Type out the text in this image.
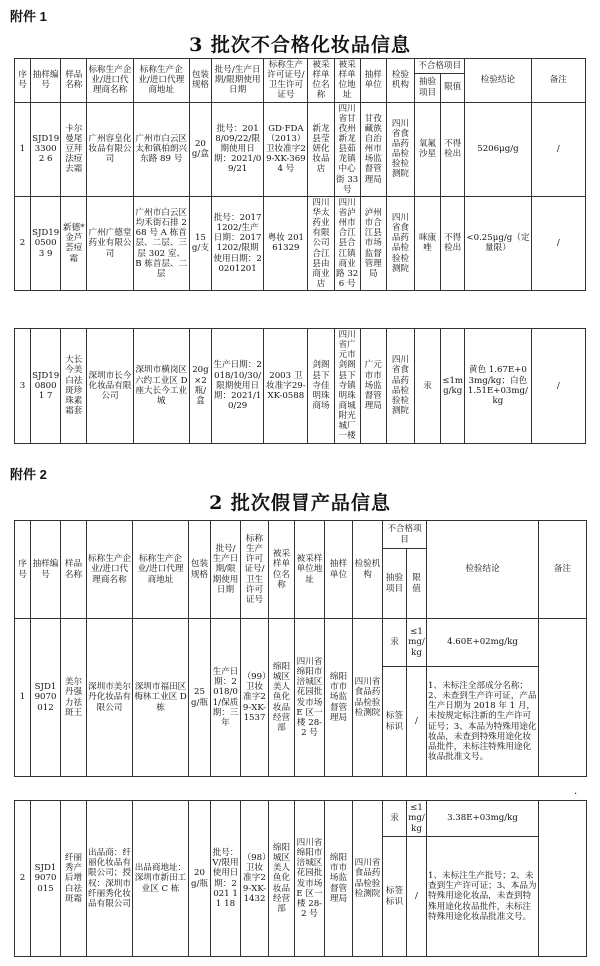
附件 1
3 批次不合格化妆品信息
序号	抽样编号	样品名称	标称生产企业/进口代理商名称	标称生产企业/进口代理商地址	包装规格	批号/生产日期/限期使用日期	标称生产许可证号/卫生许可证号	被采样单位名称	被采样单位地址	抽样单位	检验机构	不合格项目		检验结论	备注
												抽验项目	限值		
1	SJD1933002 6	卡尔曼尾豆拜法痘去霜	广州容皇化妆品有限公司	广州市白云区太和镇柏朗兴东路 89 号	20g/盒	批号：2018/09/22/限期使用日期：2021/09/21	GD·FDA（2013）卫妆准字29-XK-3694 号	新龙县莹妍化妆品店	四川省甘孜州新龙县茹龙镇中心街 33 号	甘孜藏族自治州市场监督管理局	四川省食品药品检验检测院	氧氟沙星	不得检出	5206μg/g	/
2	SJD1905003 9	新德*金芦荟痘霜	广州广德堂药业有限公司	广州市白云区均禾街石排 268 号 A 栋首层、二层、三层 302 室、B 栋首层、二层	15g/支	批号：20171202/生产日期：20171202/限期使用日期：20201201	粤妆 20161329	四川华太药业有限公司合江县由商业店	四川省泸州市合江县合江镇商业路 326 号	泸州市合江县市场监督管理局	四川省食品药品检验检测院	咪康唑	不得检出	<0.25μg/g（定量限）	/
3	SJD1908001 7	大长今美白祛斑珍珠素霜套	深圳市长今化妆品有限公司	深圳市横岗区六约工业区 D 座大长今工业城	20g×2 瓶/盒	生产日期：2018/10/30/限期使用日期：2021/10/29	2003 卫妆准字29-XK-0588	剑阁县下寺佳明珠商场	四川省广元市剑阁县下寺镇明珠商城附光城厂一楼	广元市市场监督管理局	四川省食品药品检验检测院	汞	≤1mg/kg	黄色 1.67E+03mg/kg；白色 1.51E+03mg/kg	/
附件 2
2 批次假冒产品信息
序号	抽样编号	样品名称	标称生产企业/进口代理商名称	标称生产企业/进口代理商地址	包装规格	批号/生产日期/限期使用日期	标称生产许可证号/卫生许可证号	被采样单位名称	被采样单位地址	抽样单位	检验机构	不合格项目		检验结论	备注
												抽验项目	限值		
1	SJD19070012	美尔丹强力祛斑王	深圳市美尔丹化妆品有限公司	深圳市福田区梅林工业区 D 栋	25g/瓶	生产日期：2018/01/保质期：三年	（99）卫妆准字29-XK-1537	绵阳城区美人鱼化妆品经营部	四川省绵阳市涪城区花园批发市场 E 区一楼 28-2 号	绵阳市市场监督管理局	四川省食品药品检验检测院	汞	≤1mg/kg	4.60E+02mg/kg	
												标签标识	/	1、未标注全部成分名称；2、未查到生产许可证，产品生产日期为 2018 年 1 月，未按规定标注新的生产许可证号；3、本品为特殊用途化妆品，未查到特殊用途化妆品批件，未标注特殊用途化妆品批准文号。	
.
2	SJD19070015	纤丽秀产后增白祛斑霜	出品商：纤丽化妆品有限公司；授权：深圳市纤丽秀化妆品有限公司	出品商地址：深圳市新田工业区 C 栋	20g/瓶	批号：V/限用使用日期：2021 11 18	（98）卫妆准字29-XK-1432	绵阳城区美人鱼化妆品经营部	四川省绵阳市涪城区花园批发市场 E 区一楼 28-2 号	绵阳市市场监督管理局	四川省食品药品检验检测院	汞	≤1mg/kg	3.38E+03mg/kg	
												标签标识	/	1、未标注生产批号；2、未查到生产许可证；3、本品为特殊用途化妆品，未查到特殊用途化妆品批件，未标注特殊用途化妆品批准文号。	
